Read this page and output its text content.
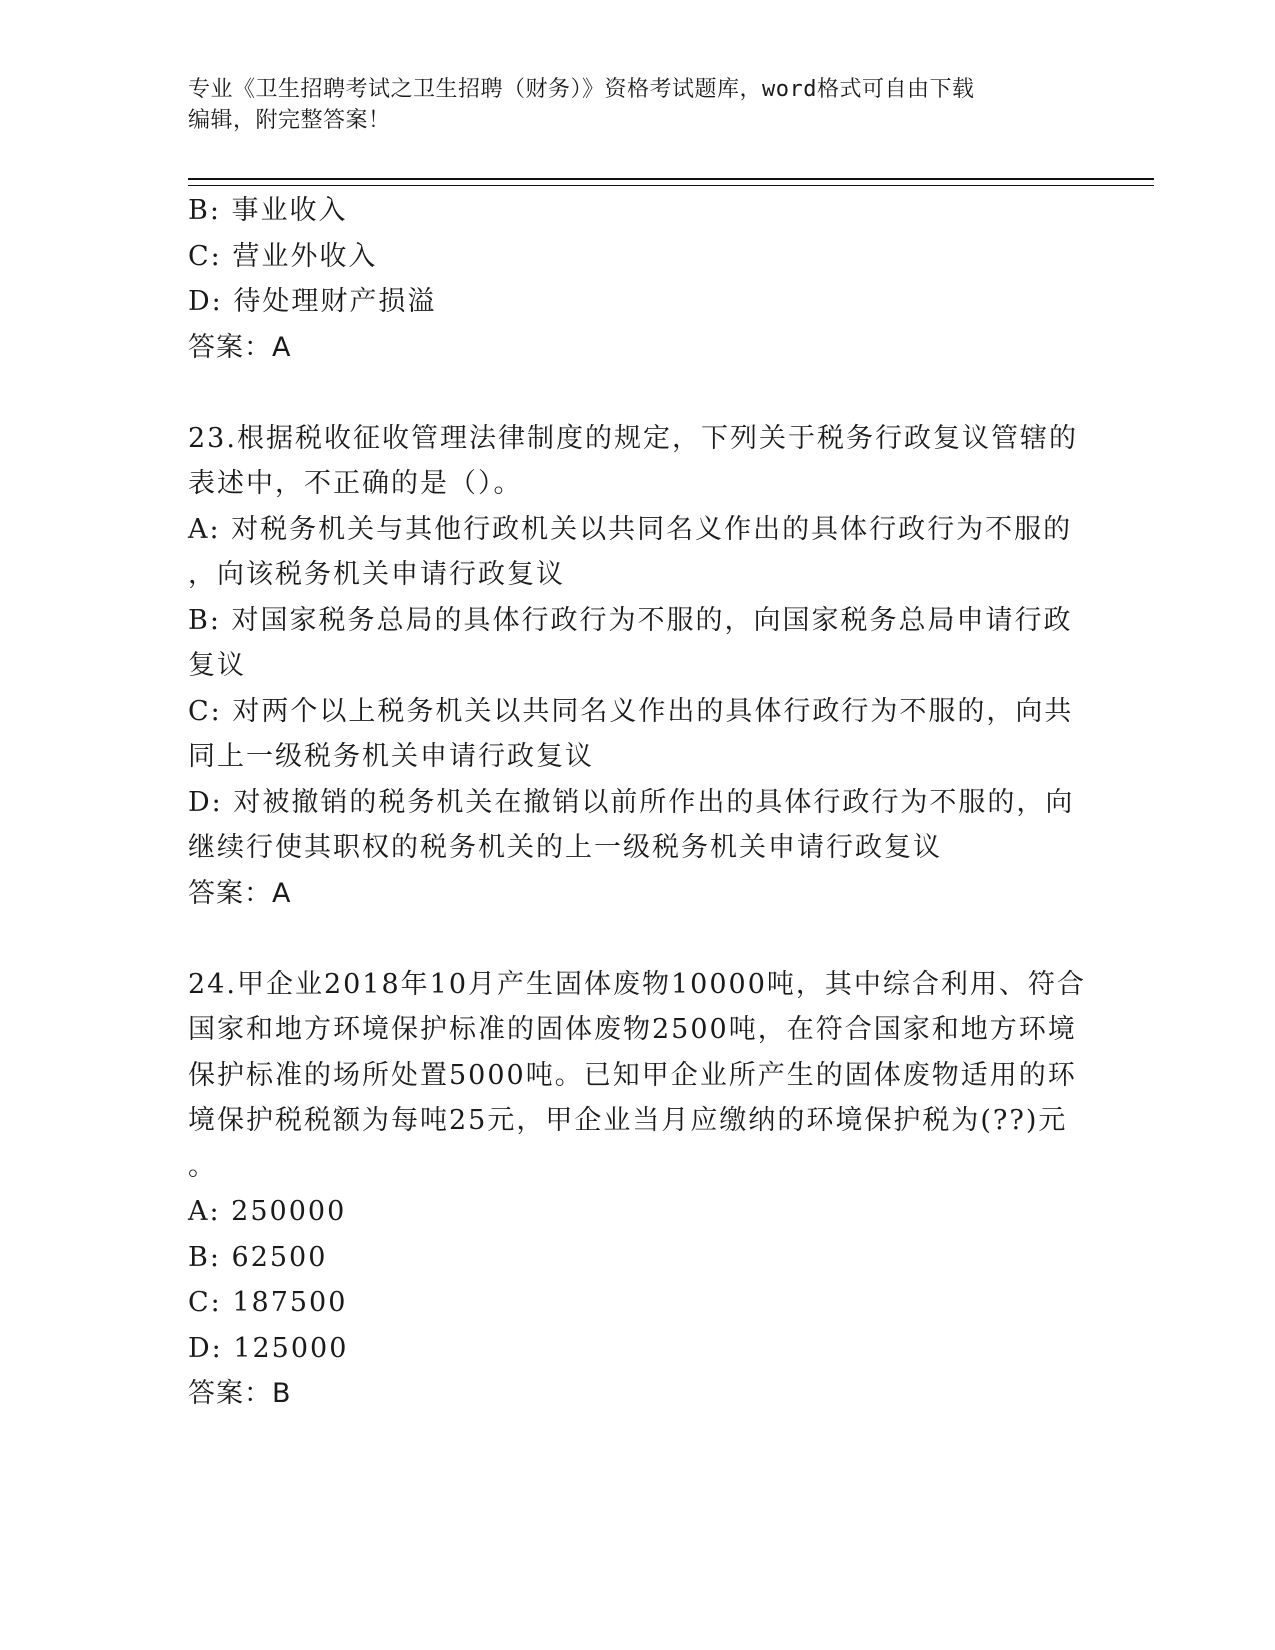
专业《卫生招聘考试之卫生招聘（财务）》资格考试题库，word格式可自由下载
编辑，附完整答案！
B: 事业收入
C: 营业外收入
D: 待处理财产损溢
答案：A
23.根据税收征收管理法律制度的规定，下列关于税务行政复议管辖的
表述中，不正确的是（）。
A: 对税务机关与其他行政机关以共同名义作出的具体行政行为不服的
，向该税务机关申请行政复议
B: 对国家税务总局的具体行政行为不服的，向国家税务总局申请行政
复议
C: 对两个以上税务机关以共同名义作出的具体行政行为不服的，向共
同上一级税务机关申请行政复议
D: 对被撤销的税务机关在撤销以前所作出的具体行政行为不服的，向
继续行使其职权的税务机关的上一级税务机关申请行政复议
答案：A
24.甲企业2018年10月产生固体废物10000吨，其中综合利用、符合
国家和地方环境保护标准的固体废物2500吨，在符合国家和地方环境
保护标准的场所处置5000吨。已知甲企业所产生的固体废物适用的环
境保护税税额为每吨25元，甲企业当月应缴纳的环境保护税为(??)元
。
A: 250000
B: 62500
C: 187500
D: 125000
答案：B
